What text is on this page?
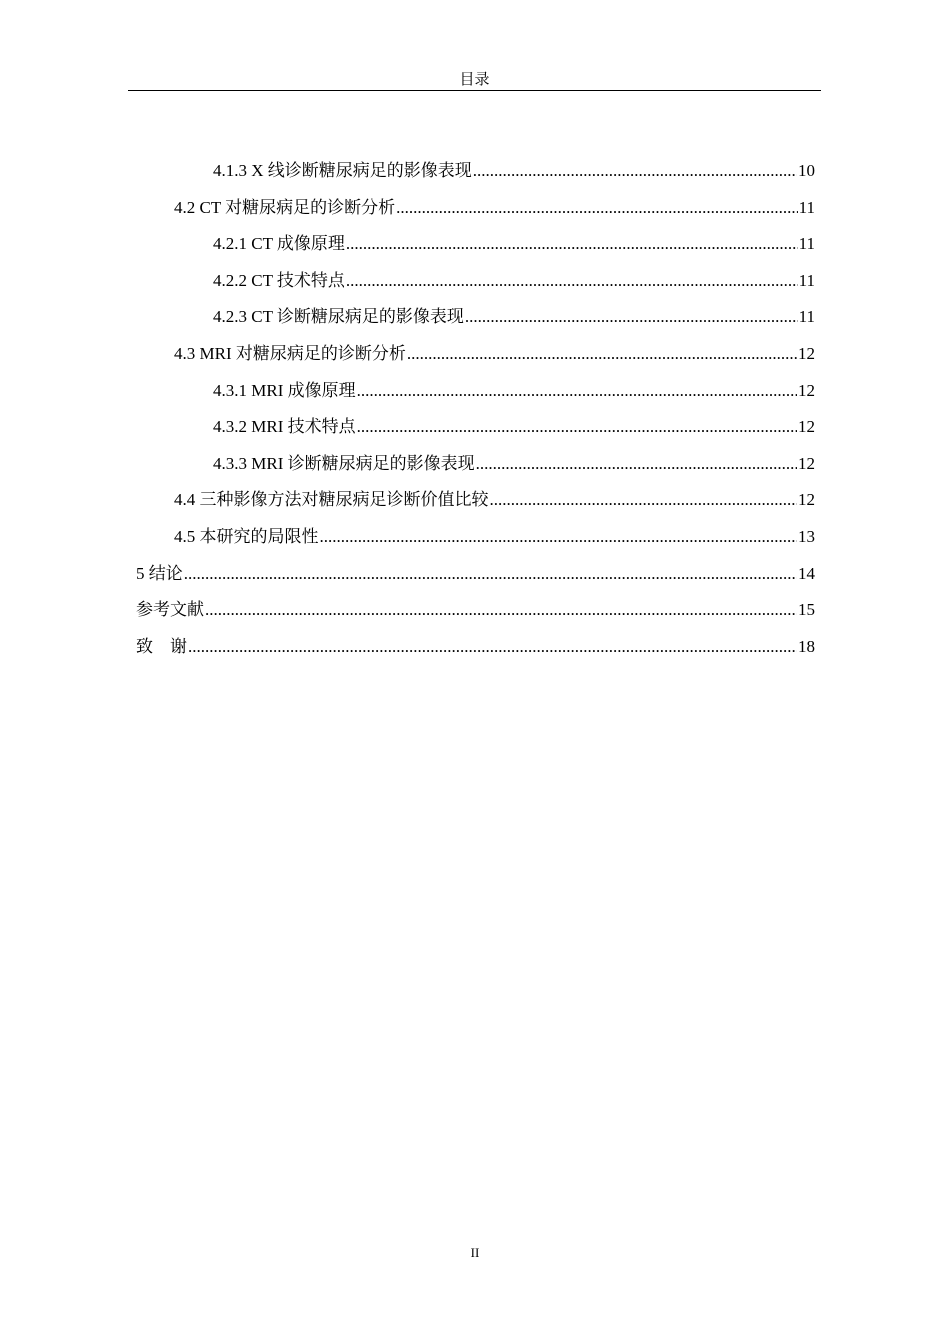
目录
4.1.3 X 线诊断糖尿病足的影像表现 .....	10
4.2 CT 对糖尿病足的诊断分析 .....	11
4.2.1 CT 成像原理 .....	11
4.2.2 CT 技术特点 .....	11
4.2.3 CT 诊断糖尿病足的影像表现 .....	11
4.3 MRI 对糖尿病足的诊断分析 .....	12
4.3.1 MRI 成像原理 .....	12
4.3.2 MRI 技术特点 .....	12
4.3.3 MRI 诊断糖尿病足的影像表现 .....	12
4.4 三种影像方法对糖尿病足诊断价值比较 .....	12
4.5 本研究的局限性 .....	13
5 结论 .....	14
参考文献 .....	15
致　谢 .....	18
II
